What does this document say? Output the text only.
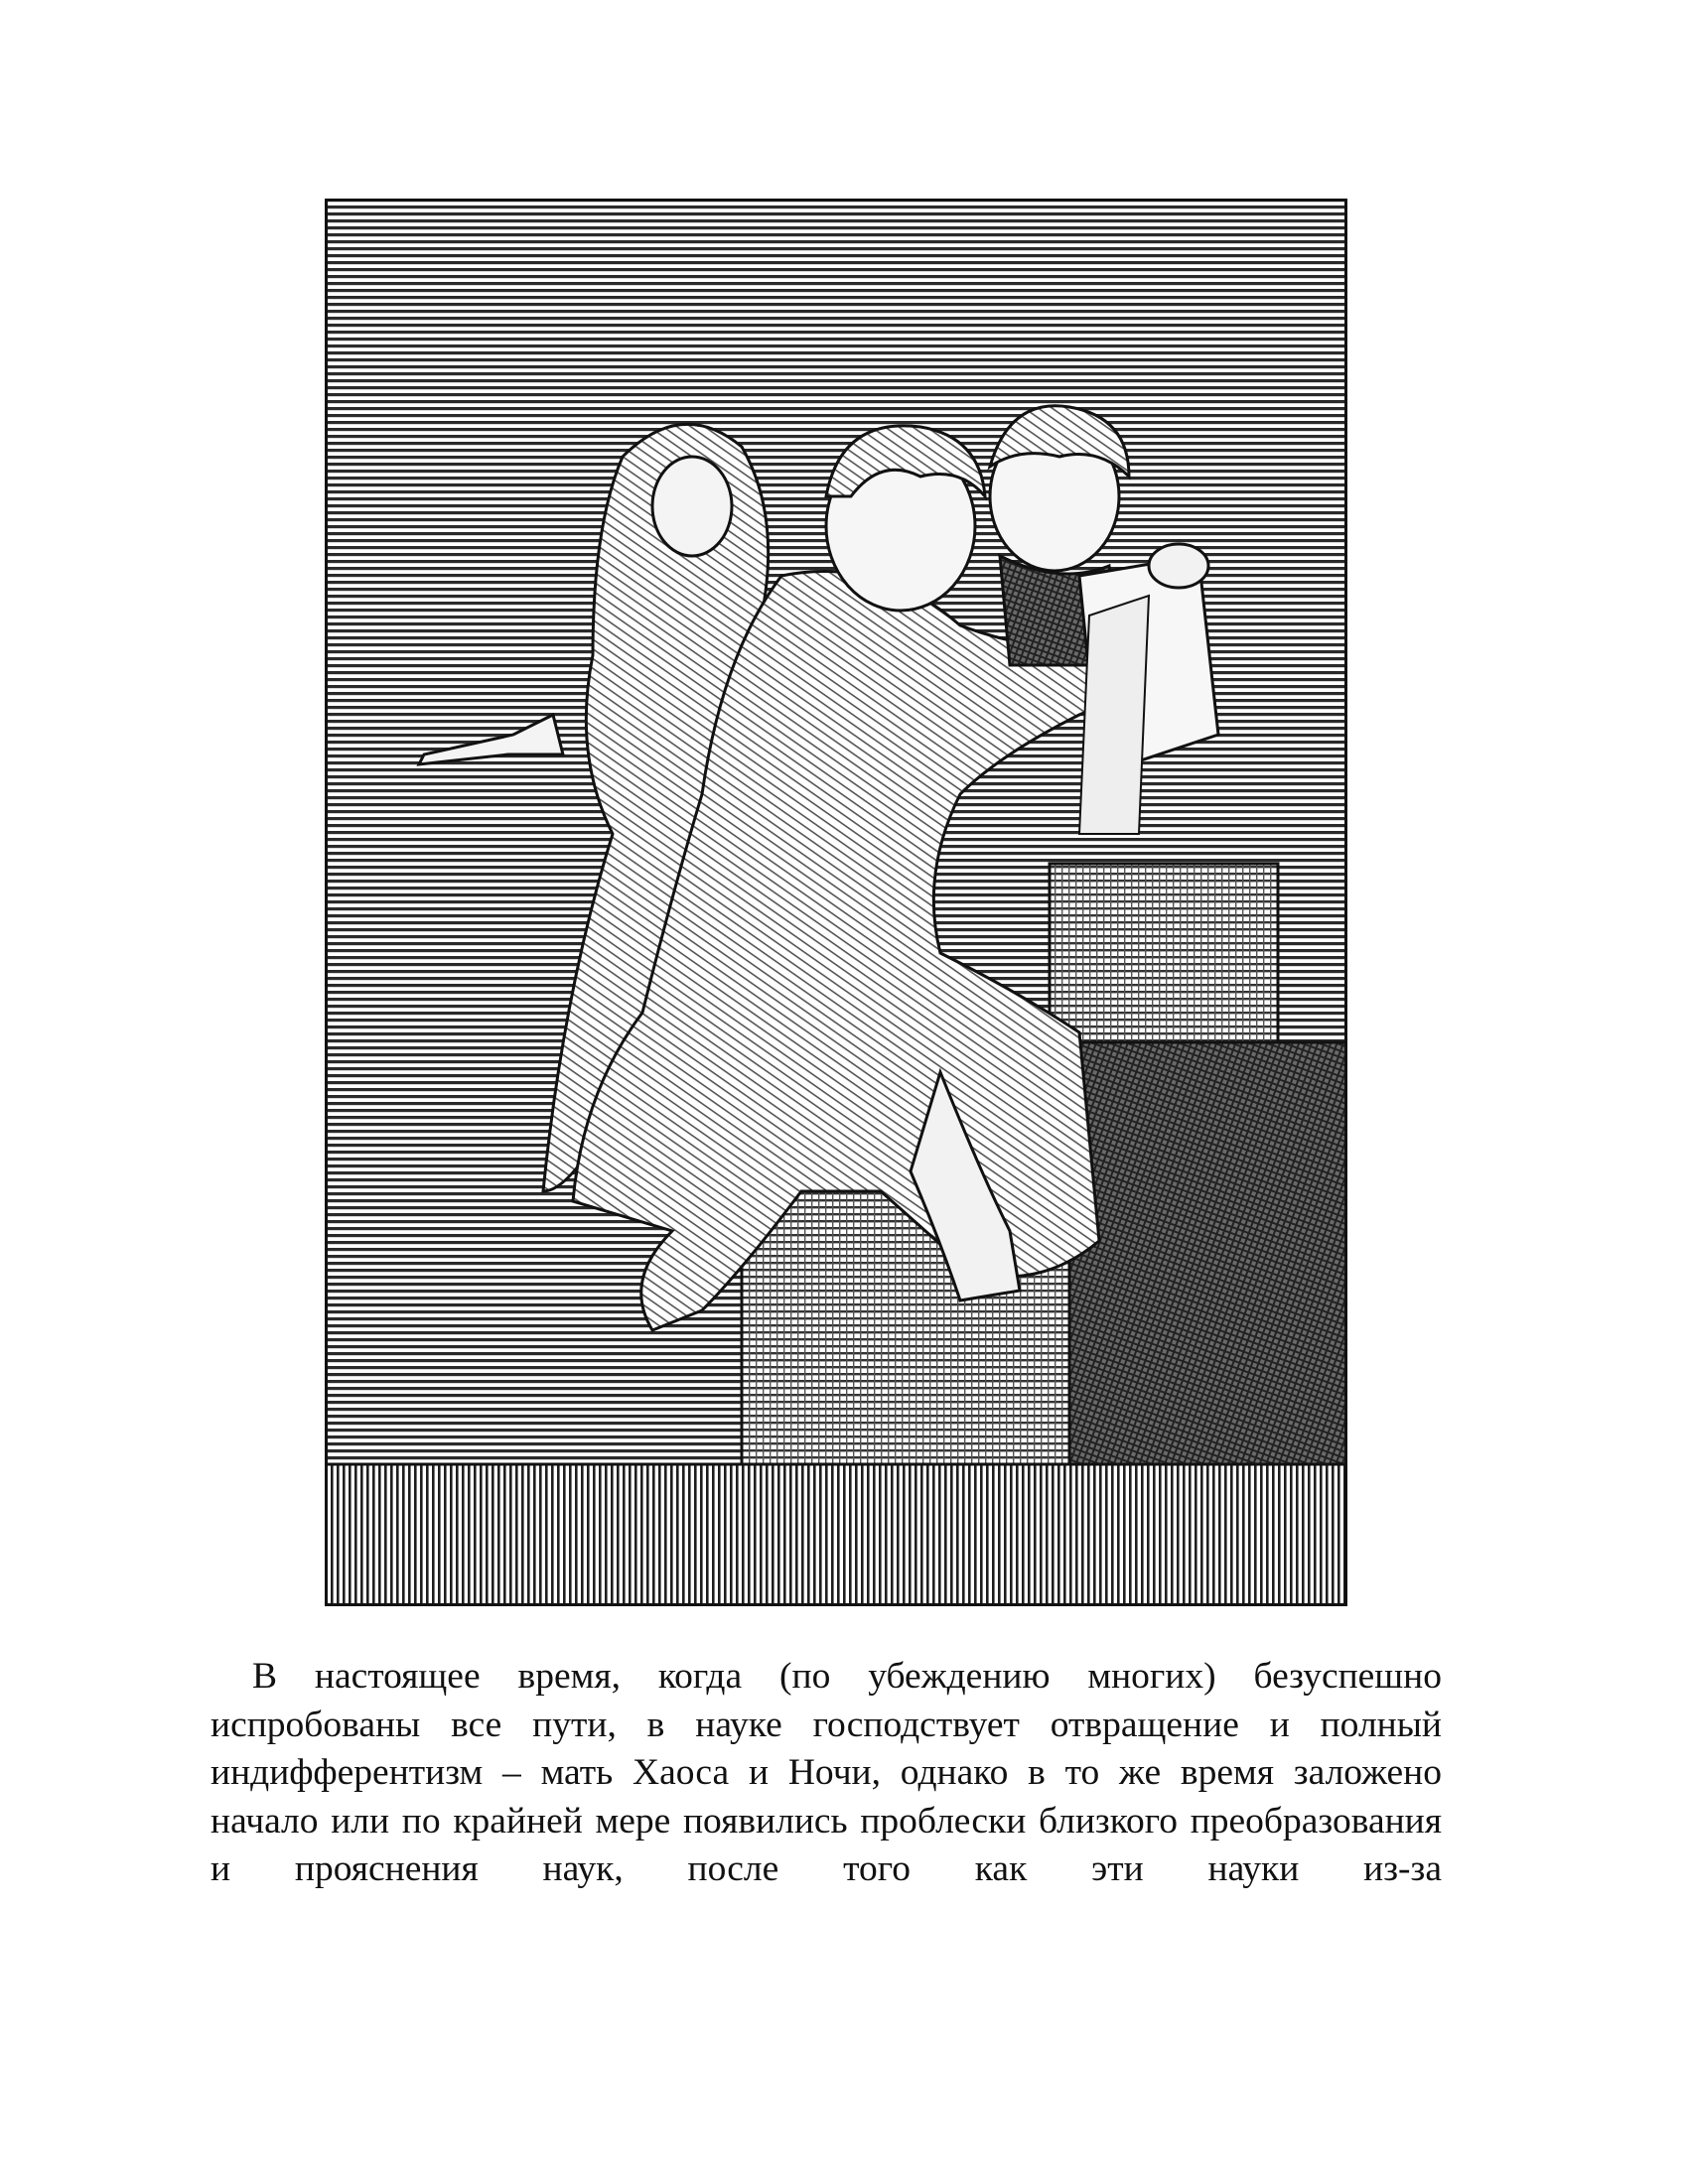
В настоящее время, когда (по убеждению многих) безуспешно испробованы все пути, в науке господствует отвращение и полный индифферентизм – мать Хаоса и Ночи, однако в то же время заложено начало или по крайней мере появились проблески близкого преобразования и прояснения наук, после того как эти науки из-за
